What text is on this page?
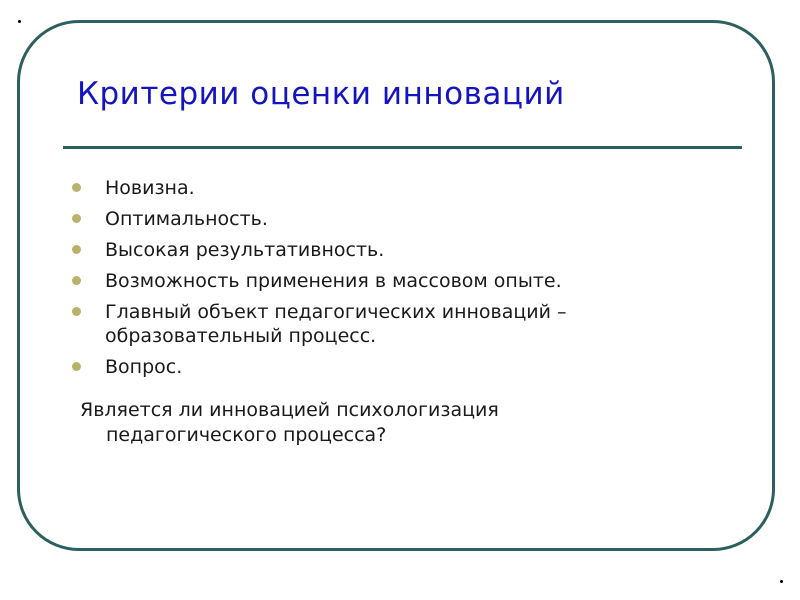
Критерии оценки инноваций
Новизна.
Оптимальность.
Высокая результативность.
Возможность применения в массовом опыте.
Главный объект педагогических инноваций – образовательный процесс.
Вопрос.
Является ли инновацией психологизация
педагогического процесса?
